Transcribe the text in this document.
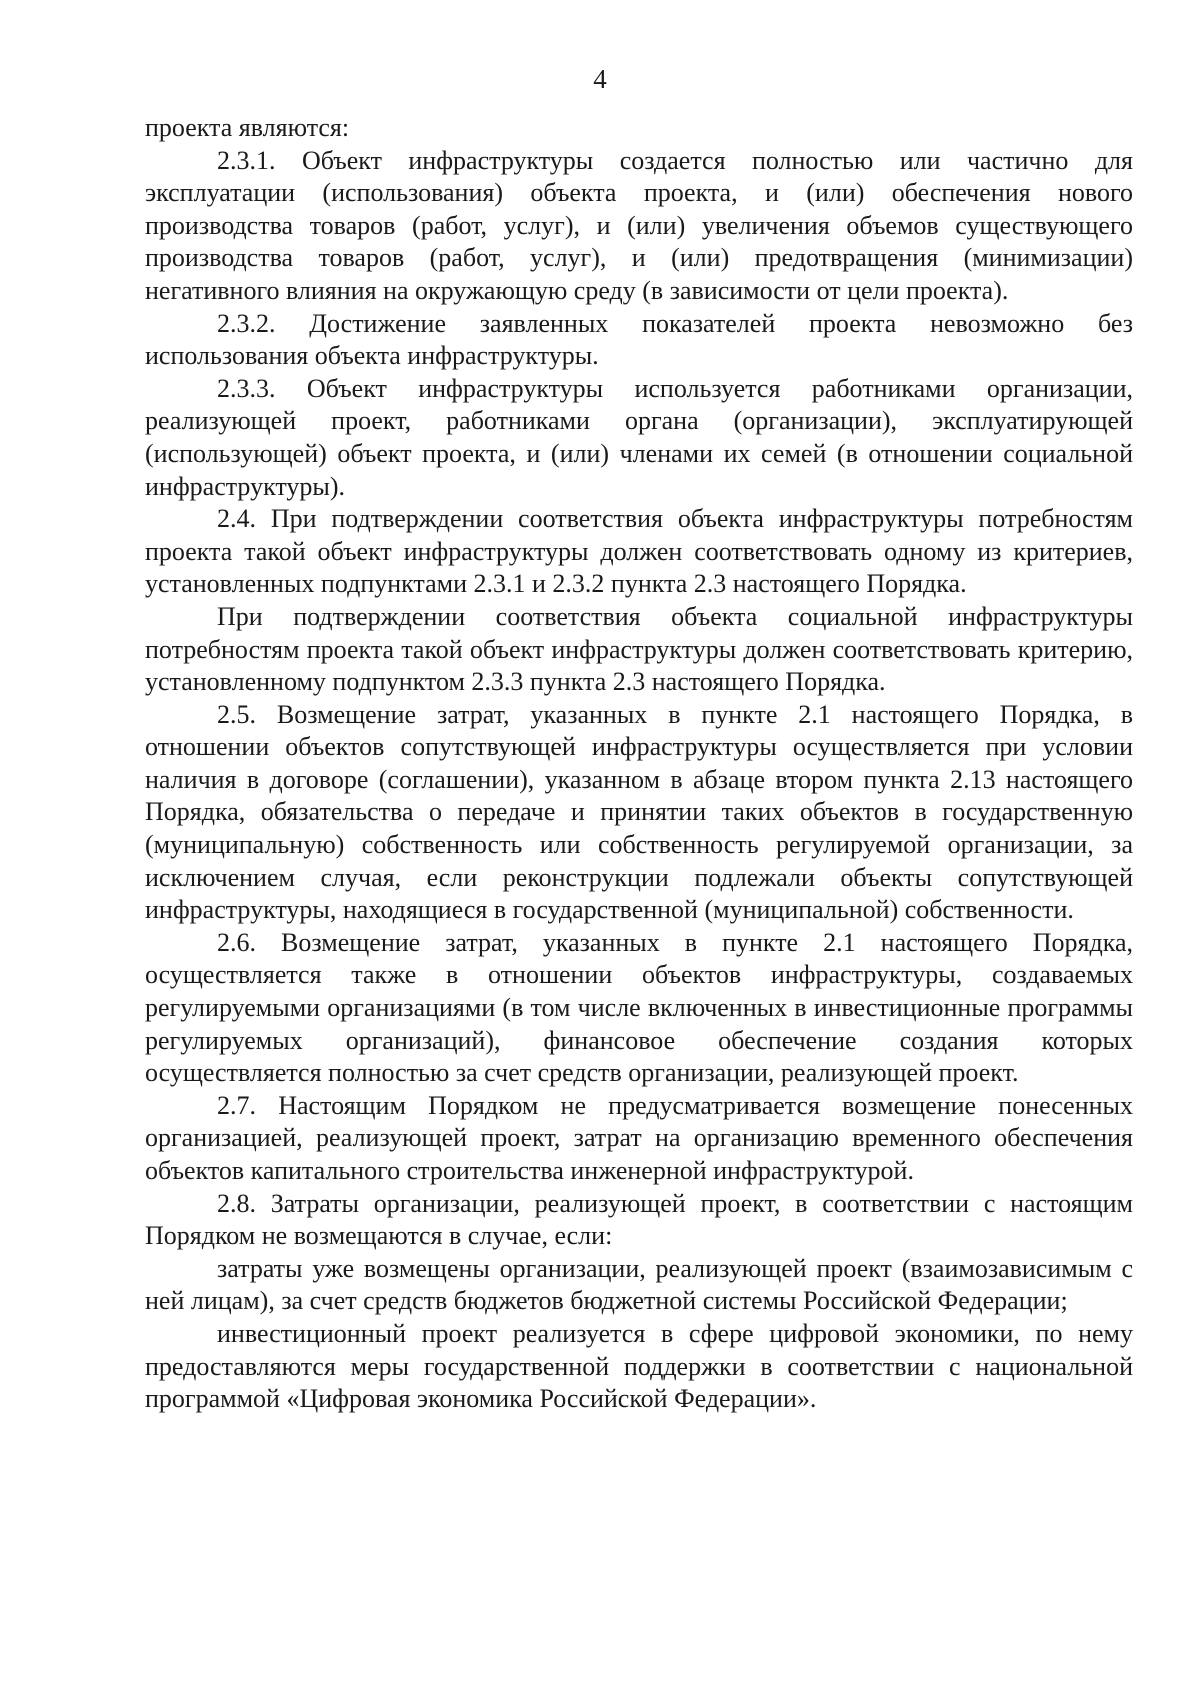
4

проекта являются:

2.3.1. Объект инфраструктуры создается полностью или частично для эксплуатации (использования) объекта проекта, и (или) обеспечения нового производства товаров (работ, услуг), и (или) увеличения объемов существующего производства товаров (работ, услуг), и (или) предотвращения (минимизации) негативного влияния на окружающую среду (в зависимости от цели проекта).

2.3.2. Достижение заявленных показателей проекта невозможно без использования объекта инфраструктуры.

2.3.3. Объект инфраструктуры используется работниками организации, реализующей проект, работниками органа (организации), эксплуатирующей (использующей) объект проекта, и (или) членами их семей (в отношении социальной инфраструктуры).

2.4. При подтверждении соответствия объекта инфраструктуры потребностям проекта такой объект инфраструктуры должен соответствовать одному из критериев, установленных подпунктами 2.3.1 и 2.3.2 пункта 2.3 настоящего Порядка.

При подтверждении соответствия объекта социальной инфраструктуры потребностям проекта такой объект инфраструктуры должен соответствовать критерию, установленному подпунктом 2.3.3 пункта 2.3 настоящего Порядка.

2.5. Возмещение затрат, указанных в пункте 2.1 настоящего Порядка, в отношении объектов сопутствующей инфраструктуры осуществляется при условии наличия в договоре (соглашении), указанном в абзаце втором пункта 2.13 настоящего Порядка, обязательства о передаче и принятии таких объектов в государственную (муниципальную) собственность или собственность регулируемой организации, за исключением случая, если реконструкции подлежали объекты сопутствующей инфраструктуры, находящиеся в государственной (муниципальной) собственности.

2.6. Возмещение затрат, указанных в пункте 2.1 настоящего Порядка, осуществляется также в отношении объектов инфраструктуры, создаваемых регулируемыми организациями (в том числе включенных в инвестиционные программы регулируемых организаций), финансовое обеспечение создания которых осуществляется полностью за счет средств организации, реализующей проект.

2.7. Настоящим Порядком не предусматривается возмещение понесенных организацией, реализующей проект, затрат на организацию временного обеспечения объектов капитального строительства инженерной инфраструктурой.

2.8. Затраты организации, реализующей проект, в соответствии с настоящим Порядком не возмещаются в случае, если:

затраты уже возмещены организации, реализующей проект (взаимозависимым с ней лицам), за счет средств бюджетов бюджетной системы Российской Федерации;

инвестиционный проект реализуется в сфере цифровой экономики, по нему предоставляются меры государственной поддержки в соответствии с национальной программой «Цифровая экономика Российской Федерации».
